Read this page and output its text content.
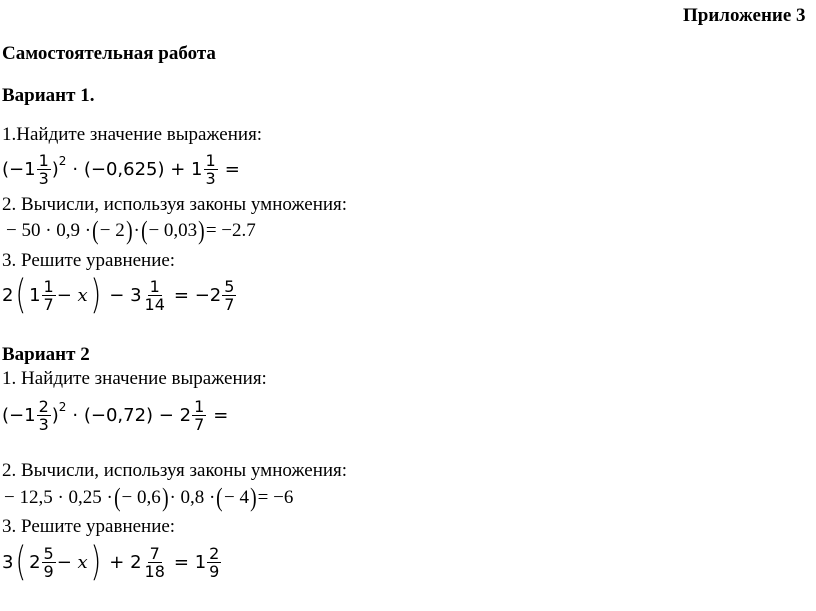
Приложение 3
Самостоятельная работа
Вариант 1.
1.Найдите значение выражения:
($-1 \frac{1}{3}$ ) $2 \cdot (-0,625) + 1 \frac{1}{3}$ =
2. Вычисли, используя законы умножения:
− 50 · 0,9 · ( − 2 ) · ( − 0,03 ) = −2.7
3. Решите уравнение:
2 ( $1 \frac{1}{7} - x$ ) − $3 \frac{1}{14} = -2 \frac{5}{7}$
Вариант 2
1. Найдите значение выражения:
($-1 \frac{2}{3}$ ) $2 \cdot (-0,72) - 2 \frac{1}{7}$ =
2. Вычисли, используя законы умножения:
− 12,5 · 0,25 · ( − 0,6 ) · 0,8 · ( − 4 ) = −6
3. Решите уравнение:
3 ( $2 \frac{5}{9} - x$ ) + $2 \frac{7}{18} = 1 \frac{2}{9}$
